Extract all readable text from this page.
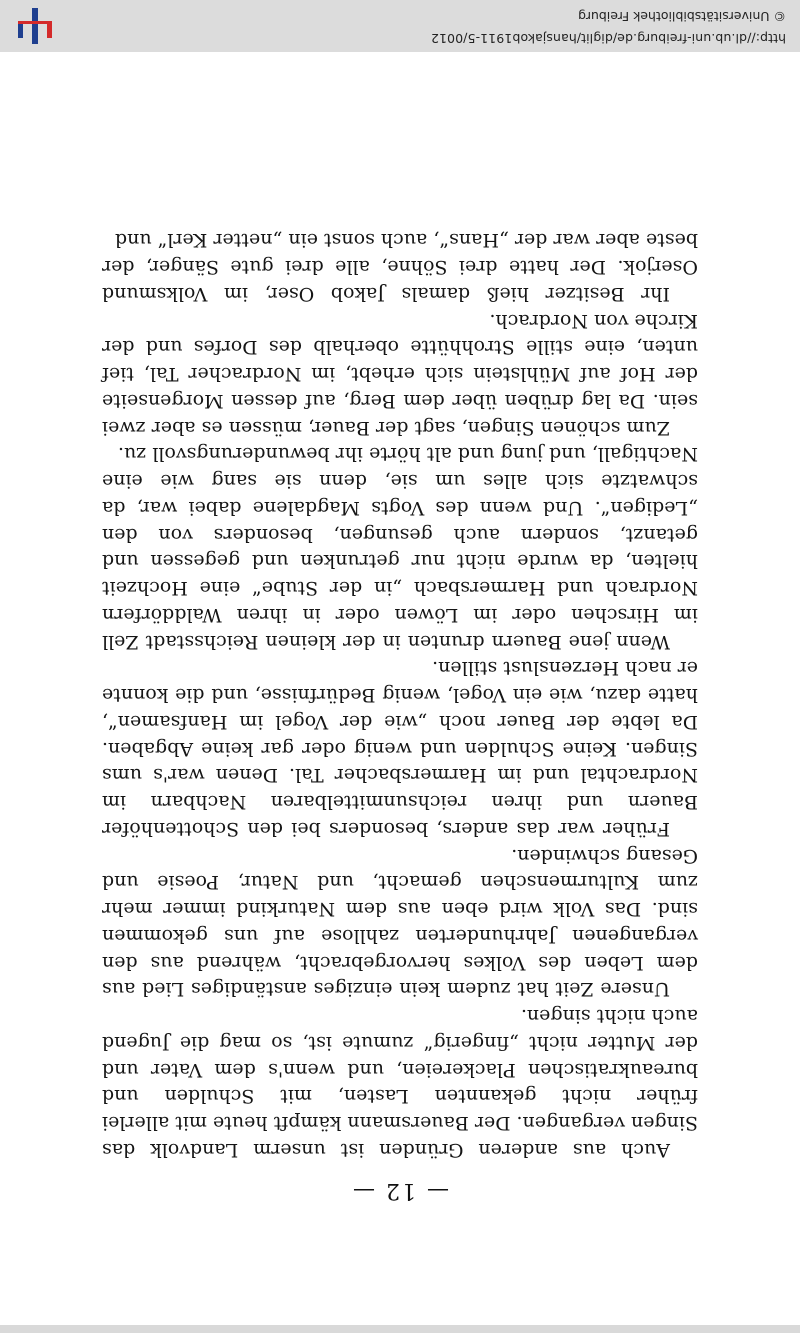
— 12 —

Auch aus anderen Gründen ist unserm Landvolk das Singen vergangen. Der Bauersmann kämpft heute mit allerlei früher nicht gekannten Lasten, mit Schulden und bureaukratischen Plackereien, und wenn's dem Vater und der Mutter nicht „fingerig“ zumute ist, so mag die Jugend auch nicht singen.

Unsere Zeit hat zudem kein einziges anständiges Lied aus dem Leben des Volkes hervorgebracht, während aus den vergangenen Jahrhunderten zahllose auf uns gekommen sind. Das Volk wird eben aus dem Naturkind immer mehr zum Kulturmenschen gemacht, und Natur, Poesie und Gesang schwinden.

Früher war das anders, besonders bei den Schottenhöfer Bauern und ihren reichsunmittelbaren Nachbarn im Nordrachtal und im Harmersbacher Tal. Denen war's ums Singen. Keine Schulden und wenig oder gar keine Abgaben. Da lebte der Bauer noch „wie der Vogel im Hanfsamen“, hatte dazu, wie ein Vogel, wenig Bedürfnisse, und die konnte er nach Herzenslust stillen.

Wenn jene Bauern drunten in der kleinen Reichsstadt Zell im Hirschen oder im Löwen oder in ihren Walddörfern Nordrach und Harmersbach „in der Stube“ eine Hochzeit hielten, da wurde nicht nur getrunken und gegessen und getanzt, sondern auch gesungen, besonders von den „Ledigen“. Und wenn des Vogts Magdalene dabei war, da schwatzte sich alles um sie, denn sie sang wie eine Nachtigall, und jung und alt hörte ihr bewunderungsvoll zu.

Zum schönen Singen, sagt der Bauer, müssen es aber zwei sein. Da lag drüben über dem Berg, auf dessen Morgenseite der Hof auf Mühlstein sich erhebt, im Nordracher Tal, tief unten, eine stille Strohhütte oberhalb des Dorfes und der Kirche von Nordrach.

Ihr Besitzer hieß damals Jakob Oser, im Volksmund Oserjok. Der hatte drei Söhne, alle drei gute Sänger, der beste aber war der „Hans“, auch sonst ein „netter Kerl“ und

http://dl.ub.uni-freiburg.de/diglit/hansjakob1911-5/0012
©Universitätsbibliothek Freiburg
